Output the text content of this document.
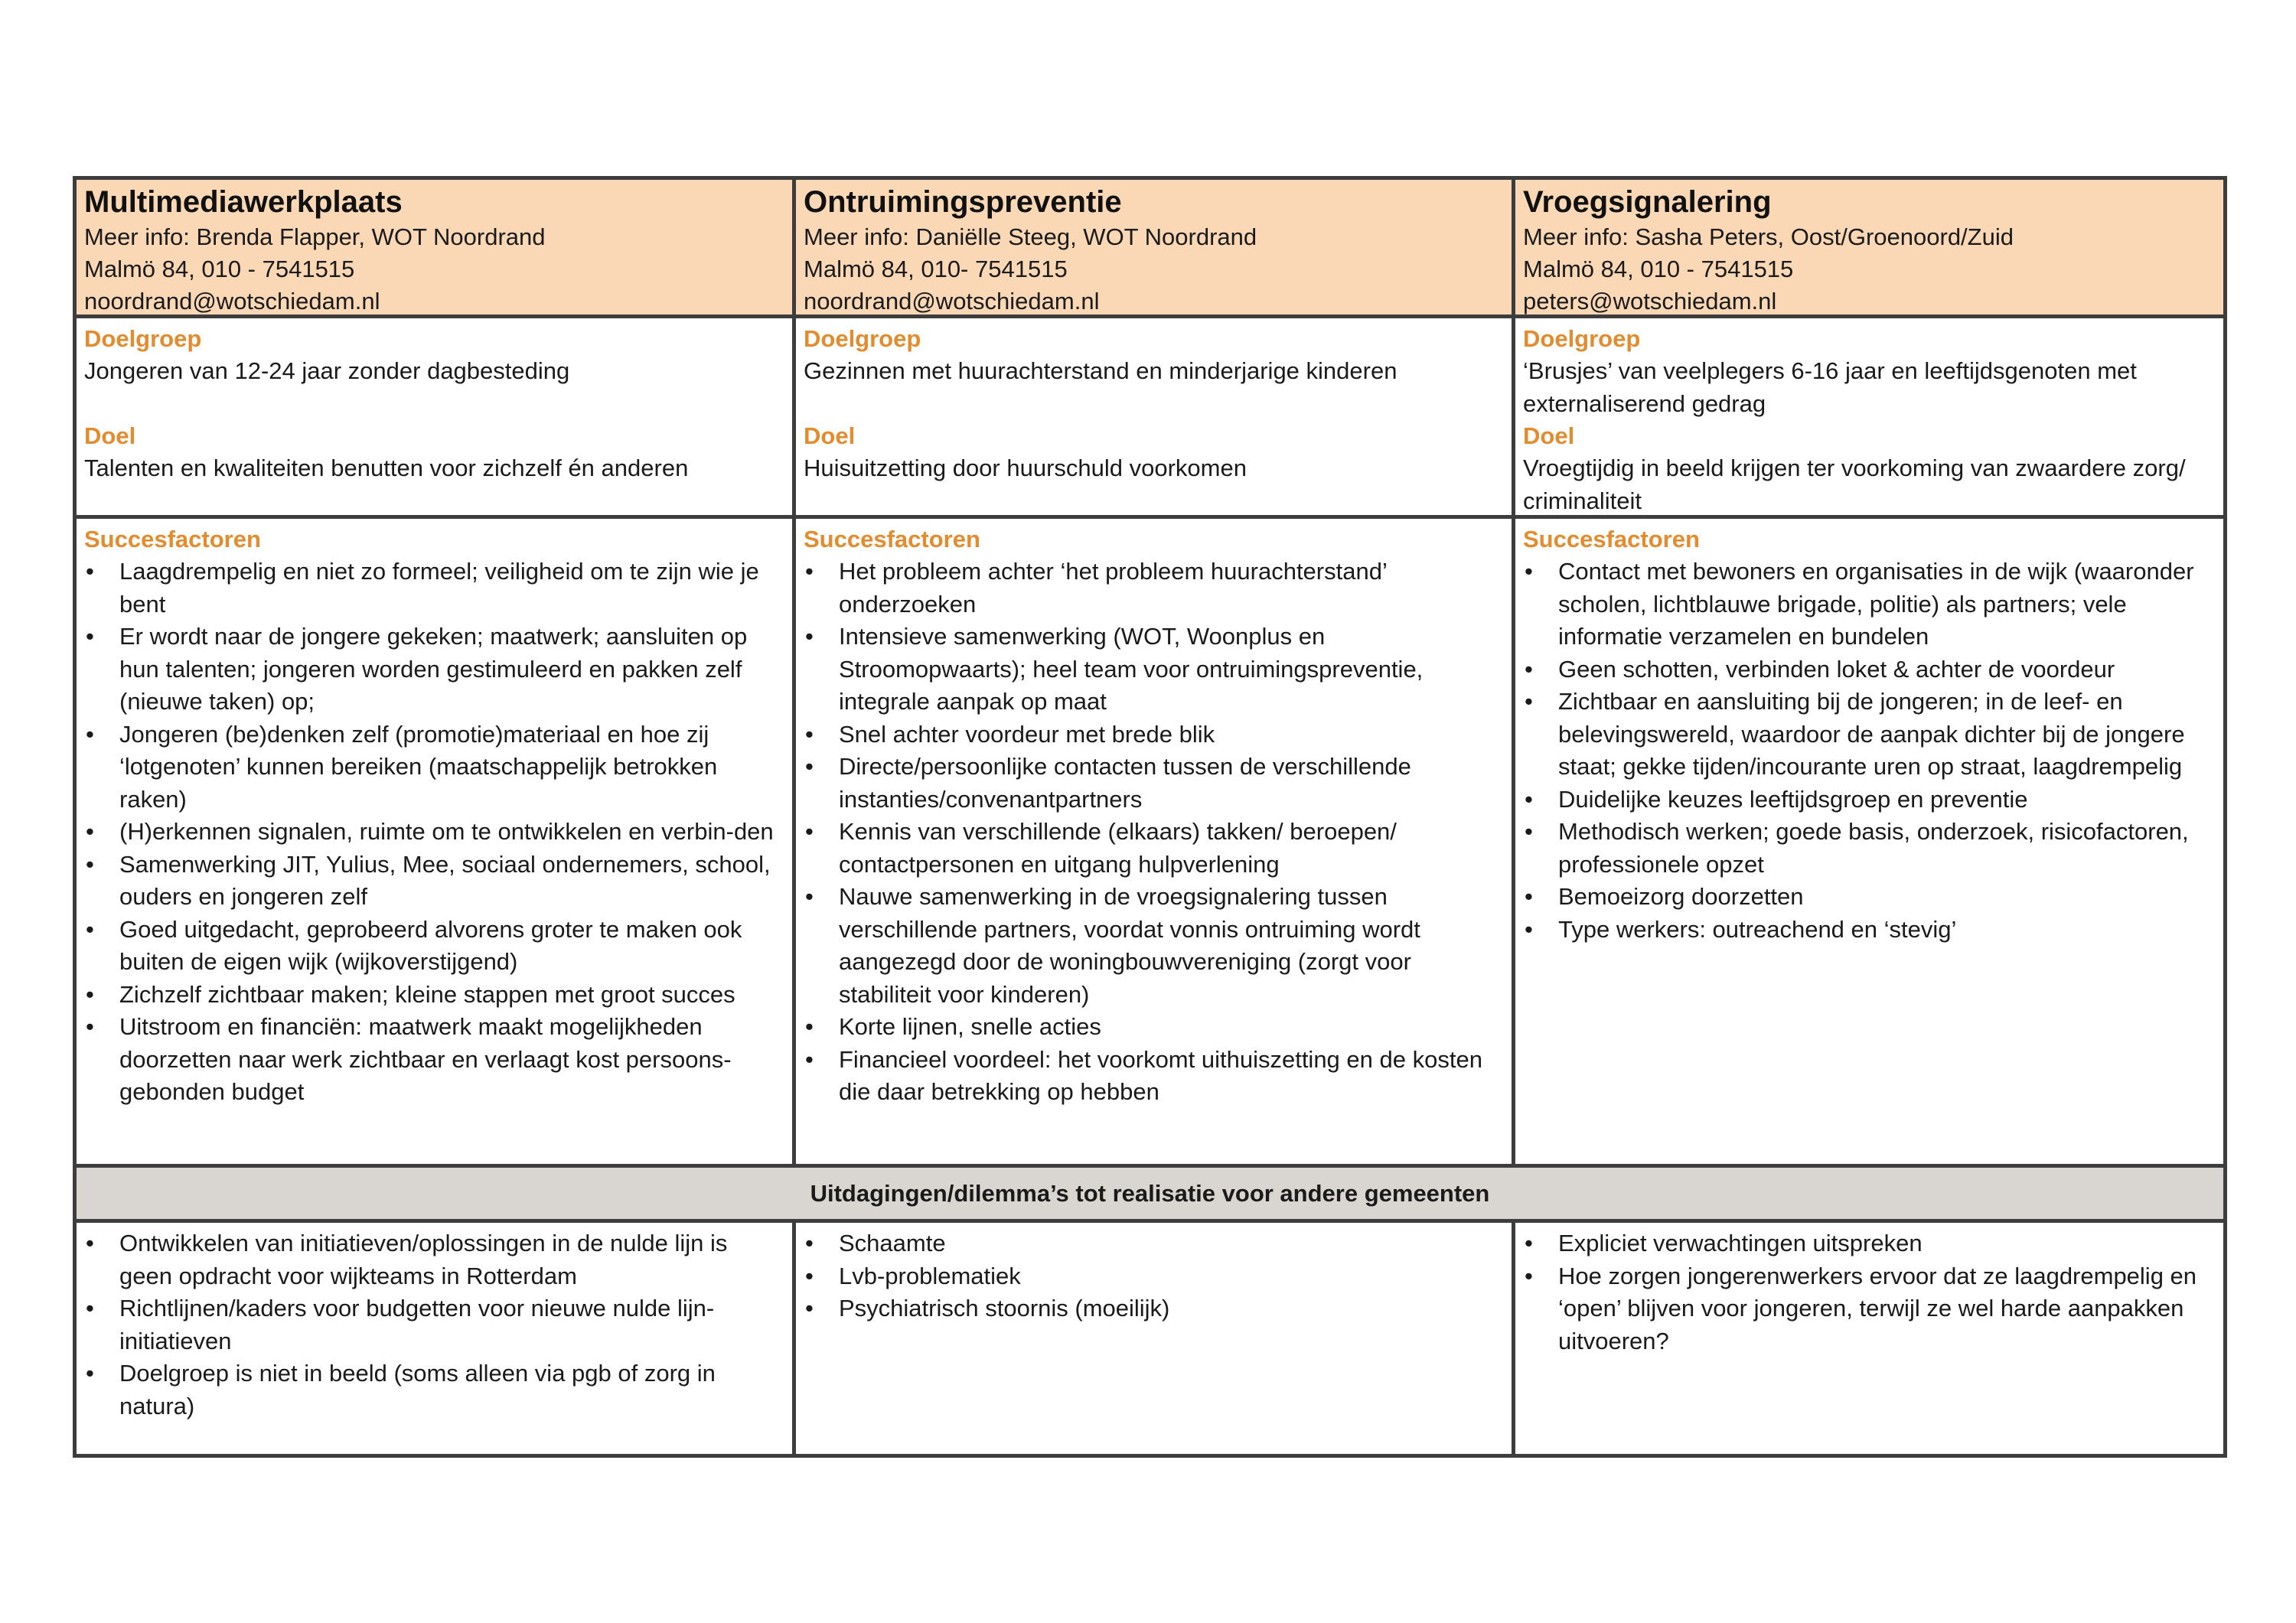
Multimediawerkplaats
Meer info: Brenda Flapper, WOT Noordrand
Malmö 84, 010 - 7541515
noordrand@wotschiedam.nl
Ontruimingspreventie
Meer info: Daniëlle Steeg, WOT Noordrand
Malmö 84, 010- 7541515
noordrand@wotschiedam.nl
Vroegsignalering
Meer info: Sasha Peters, Oost/Groenoord/Zuid
Malmö 84, 010 - 7541515
peters@wotschiedam.nl
Doelgroep
Jongeren van 12-24 jaar zonder dagbesteding
Doel
Talenten en kwaliteiten benutten voor zichzelf én anderen
Doelgroep
Gezinnen met huurachterstand en minderjarige kinderen
Doel
Huisuitzetting door huurschuld voorkomen
Doelgroep
‘Brusjes’ van veelplegers 6-16 jaar en leeftijdsgenoten met externaliserend gedrag
Doel
Vroegtijdig in beeld krijgen ter voorkoming van zwaardere zorg/ criminaliteit
Succesfactoren
• Laagdrempelig en niet zo formeel; veiligheid om te zijn wie je bent
• Er wordt naar de jongere gekeken; maatwerk; aansluiten op hun talenten; jongeren worden gestimuleerd en pakken zelf (nieuwe taken) op;
• Jongeren (be)denken zelf (promotie)materiaal en hoe zij ‘lotgenoten’ kunnen bereiken (maatschappelijk betrokken raken)
• (H)erkennen signalen, ruimte om te ontwikkelen en verbin-den
• Samenwerking JIT, Yulius, Mee, sociaal ondernemers, school, ouders en jongeren zelf
• Goed uitgedacht, geprobeerd alvorens groter te maken ook buiten de eigen wijk (wijkoverstijgend)
• Zichzelf zichtbaar maken; kleine stappen met groot succes
• Uitstroom en financiën: maatwerk maakt mogelijkheden doorzetten naar werk zichtbaar en verlaagt kost persoons-gebonden budget
Succesfactoren
• Het probleem achter ‘het probleem huurachterstand’ onderzoeken
• Intensieve samenwerking (WOT, Woonplus en Stroomopwaarts); heel team voor ontruimingspreventie, integrale aanpak op maat
• Snel achter voordeur met brede blik
• Directe/persoonlijke contacten tussen de verschillende instanties/convenantpartners
• Kennis van verschillende (elkaars) takken/ beroepen/ contactpersonen en uitgang hulpverlening
• Nauwe samenwerking in de vroegsignalering tussen verschillende partners, voordat vonnis ontruiming wordt aangezegd door de woningbouwvereniging (zorgt voor stabiliteit voor kinderen)
• Korte lijnen, snelle acties
• Financieel voordeel: het voorkomt uithuiszetting en de kosten die daar betrekking op hebben
Succesfactoren
• Contact met bewoners en organisaties in de wijk (waaronder scholen, lichtblauwe brigade, politie) als partners; vele informatie verzamelen en bundelen
• Geen schotten, verbinden loket & achter de voordeur
• Zichtbaar en aansluiting bij de jongeren; in de leef- en belevingswereld, waardoor de aanpak dichter bij de jongere staat; gekke tijden/incourante uren op straat, laagdrempelig
• Duidelijke keuzes leeftijdsgroep en preventie
• Methodisch werken; goede basis, onderzoek, risicofactoren, professionele opzet
• Bemoeizorg doorzetten
• Type werkers: outreachend en ‘stevig’
Uitdagingen/dilemma’s tot realisatie voor andere gemeenten
• Ontwikkelen van initiatieven/oplossingen in de nulde lijn is geen opdracht voor wijkteams in Rotterdam
• Richtlijnen/kaders voor budgetten voor nieuwe nulde lijn-initiatieven
• Doelgroep is niet in beeld (soms alleen via pgb of zorg in natura)
• Schaamte
• Lvb-problematiek
• Psychiatrisch stoornis (moeilijk)
• Expliciet verwachtingen uitspreken
• Hoe zorgen jongerenwerkers ervoor dat ze laagdrempelig en ‘open’ blijven voor jongeren, terwijl ze wel harde aanpakken uitvoeren?
